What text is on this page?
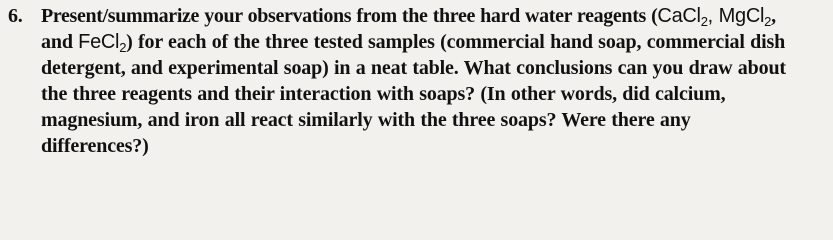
6. Present/summarize your observations from the three hard water reagents (CaCl$_2$, MgCl$_2$,
and FeCl$_2$) for each of the three tested samples (commercial hand soap, commercial dish
detergent, and experimental soap) in a neat table. What conclusions can you draw about
the three reagents and their interaction with soaps? (In other words, did calcium,
magnesium, and iron all react similarly with the three soaps? Were there any
differences?)
